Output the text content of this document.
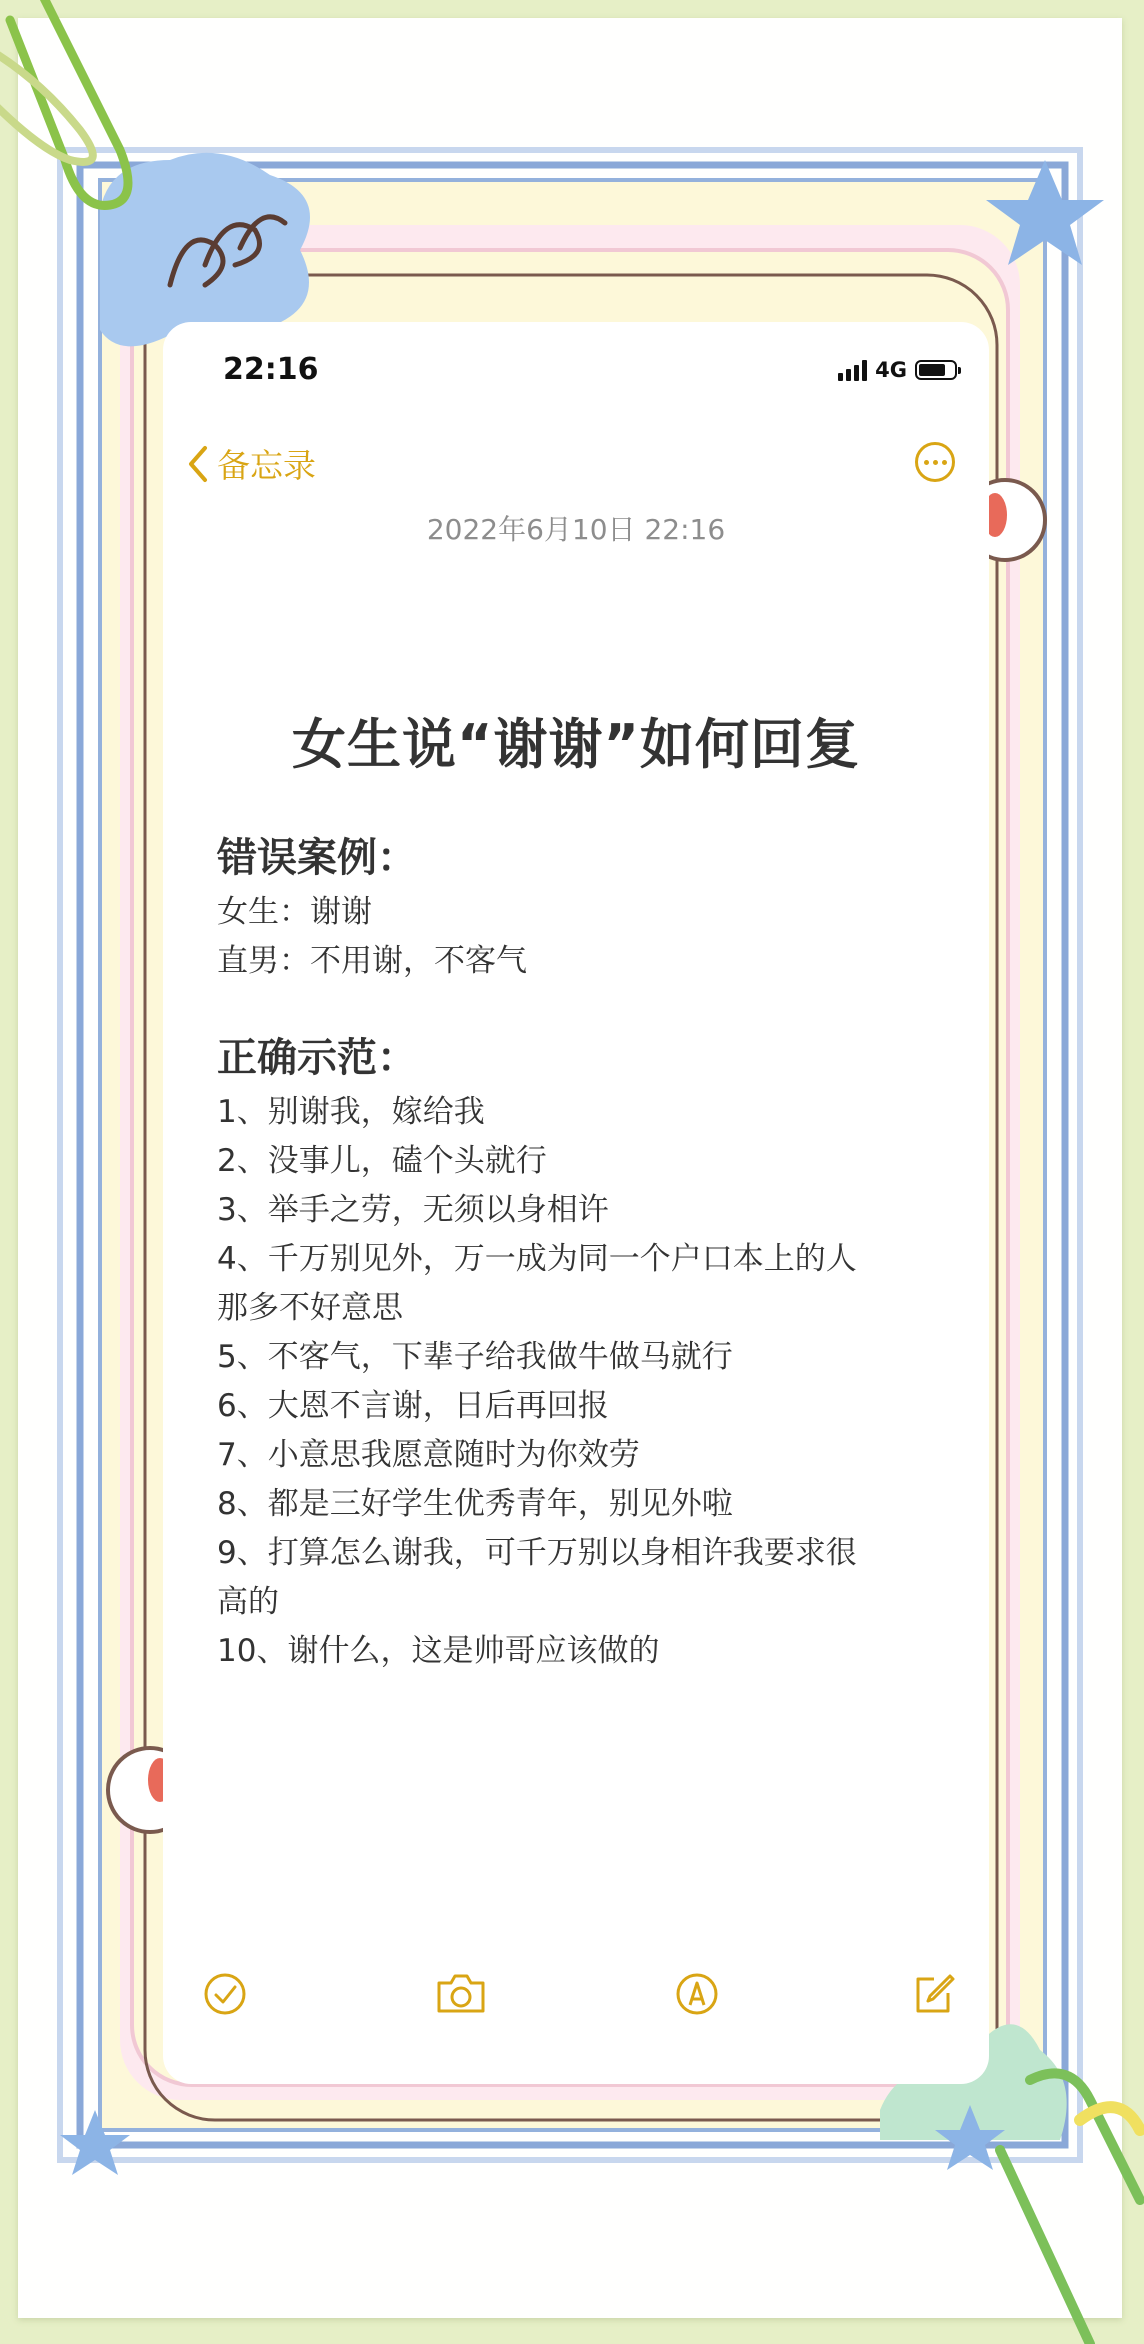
22:16	4G
备忘录
2022年6月10日 22:16
女生说“谢谢”如何回复
错误案例：
女生：谢谢
直男：不用谢，不客气
正确示范：
1、别谢我，嫁给我
2、没事儿，磕个头就行
3、举手之劳，无须以身相许
4、千万别见外，万一成为同一个户口本上的人
那多不好意思
5、不客气，下辈子给我做牛做马就行
6、大恩不言谢，日后再回报
7、小意思我愿意随时为你效劳
8、都是三好学生优秀青年，别见外啦
9、打算怎么谢我，可千万别以身相许我要求很
高的
10、谢什么，这是帅哥应该做的
